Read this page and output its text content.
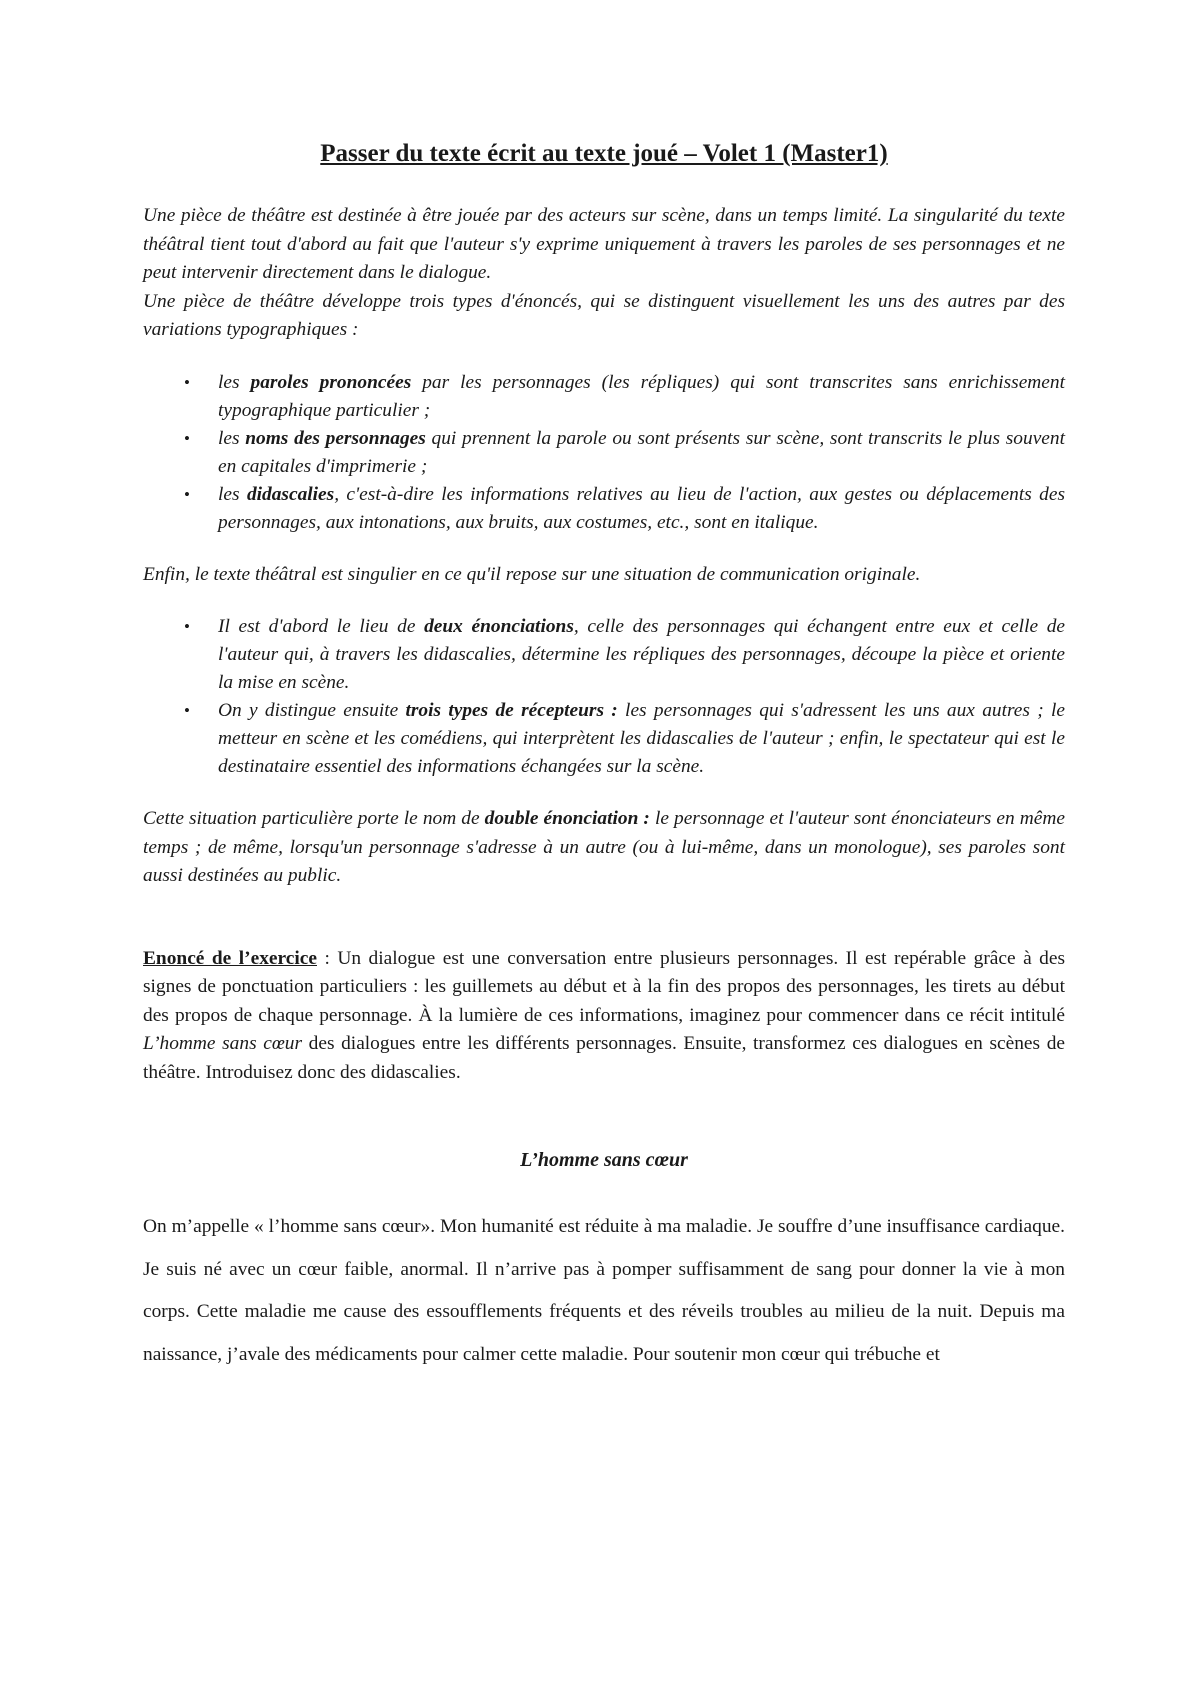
Passer du texte écrit au texte joué – Volet 1 (Master1)

Une pièce de théâtre est destinée à être jouée par des acteurs sur scène, dans un temps limité. La singularité du texte théâtral tient tout d'abord au fait que l'auteur s'y exprime uniquement à travers les paroles de ses personnages et ne peut intervenir directement dans le dialogue.

Une pièce de théâtre développe trois types d'énoncés, qui se distinguent visuellement les uns des autres par des variations typographiques :

• les paroles prononcées par les personnages (les répliques) qui sont transcrites sans enrichissement typographique particulier ;
• les noms des personnages qui prennent la parole ou sont présents sur scène, sont transcrits le plus souvent en capitales d'imprimerie ;
• les didascalies, c'est-à-dire les informations relatives au lieu de l'action, aux gestes ou déplacements des personnages, aux intonations, aux bruits, aux costumes, etc., sont en italique.

Enfin, le texte théâtral est singulier en ce qu'il repose sur une situation de communication originale.

• Il est d'abord le lieu de deux énonciations, celle des personnages qui échangent entre eux et celle de l'auteur qui, à travers les didascalies, détermine les répliques des personnages, découpe la pièce et oriente la mise en scène.
• On y distingue ensuite trois types de récepteurs : les personnages qui s'adressent les uns aux autres ; le metteur en scène et les comédiens, qui interprètent les didascalies de l'auteur ; enfin, le spectateur qui est le destinataire essentiel des informations échangées sur la scène.

Cette situation particulière porte le nom de double énonciation : le personnage et l'auteur sont énonciateurs en même temps ; de même, lorsqu'un personnage s'adresse à un autre (ou à lui-même, dans un monologue), ses paroles sont aussi destinées au public.

Enoncé de l’exercice : Un dialogue est une conversation entre plusieurs personnages. Il est repérable grâce à des signes de ponctuation particuliers : les guillemets au début et à la fin des propos des personnages, les tirets au début des propos de chaque personnage. À la lumière de ces informations, imaginez pour commencer dans ce récit intitulé L’homme sans cœur des dialogues entre les différents personnages. Ensuite, transformez ces dialogues en scènes de théâtre. Introduisez donc des didascalies.

L’homme sans cœur

On m’appelle « l’homme sans cœur». Mon humanité est réduite à ma maladie. Je souffre d’une insuffisance cardiaque. Je suis né avec un cœur faible, anormal. Il n’arrive pas à pomper suffisamment de sang pour donner la vie à mon corps. Cette maladie me cause des essoufflements fréquents et des réveils troubles au milieu de la nuit. Depuis ma naissance, j’avale des médicaments pour calmer cette maladie. Pour soutenir mon cœur qui trébuche et
